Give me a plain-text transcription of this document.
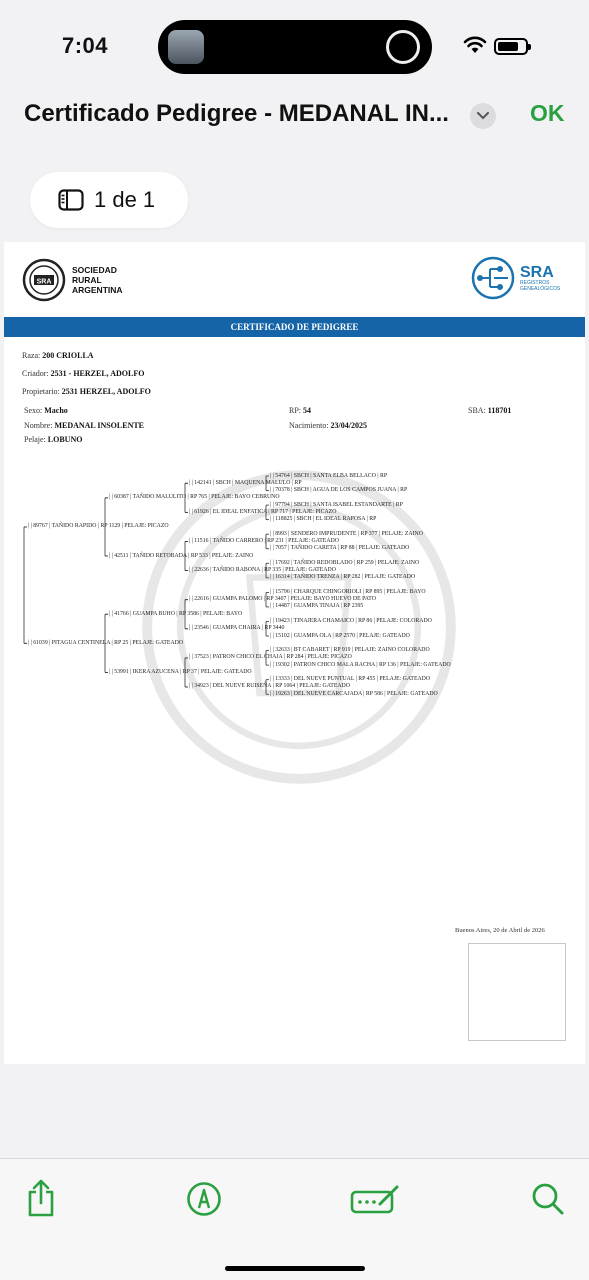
7:04
Certificado Pedigree - MEDANAL IN...	OK
1 de 1
SRA
SOCIEDAD
RURAL
ARGENTINA
SRA
REGISTROS
GENEALÓGICOS
CERTIFICADO DE PEDIGREE
Raza: 200 CRIOLLA
Criador: 2531 - HERZEL, ADOLFO
Propietario: 2531 HERZEL, ADOLFO
Sexo: Macho	RP: 54	SBA: 118701
Nombre: MEDANAL INSOLENTE	Nacimiento: 23/04/2025
Pelaje: LOBUNO
| | 89767 | TAÑIDO RAPIDO | RP 1129 | PELAJE: PICAZO
| | 61039 | PITAGUA CENTINELA | RP 25 | PELAJE: GATEADO
| | 60387 | TAÑIDO MALULITO | RP 765 | PELAJE: BAYO CEBRUNO
| | 42511 | TAÑIDO RETOBADA | RP 533 | PELAJE: ZAINO
| | 41766 | GUAMPA BUHO | RP 3586 | PELAJE: BAYO
| | 53991 | IKERA AZUCENA | RP 37 | PELAJE: GATEADO
| | 142141 | SBCH | MAQUENA MALULO | RP
| | 61926 | EL IDEAL ENFATICA | RP 717 | PELAJE: PICAZO
| | 11516 | TAÑIDO CARRERO | RP 231 | PELAJE: GATEADO
| | 22636 | TAÑIDO RABONA | RP 335 | PELAJE: GATEADO
| | 22616 | GUAMPA PALOMO | RP 3407 | PELAJE: BAYO HUEVO DE PATO
| | 23546 | GUAMPA CHAIRA | RP 3440
| | 37523 | PATRON CHICO EL CHAJA | RP 284 | PELAJE: PICAZO
| | 34923 | DEL NUEVE RUISEÑA | RP 1064 | PELAJE: GATEADO
| | 54764 | SBCH | SANTA ELBA BELLACO | RP
| | 70378 | SBCH | AGUA DE LOS CAMPOS JUANA | RP
| | 97794 | SBCH | SANTA ISABEL ESTANDARTE | RP
| | 118825 | SBCH | EL IDEAL RAPOSA | RP
| | 8993 | SENDERO IMPRUDENTE | RP 377 | PELAJE: ZAINO
| | 7057 | TAÑIDO CARETA | RP 88 | PELAJE: GATEADO
| | 17692 | TAÑIDO REDOBLADO | RP 259 | PELAJE: ZAINO
| | 16314 | TAÑIDO TRENZA | RP 282 | PELAJE: GATEADO
| | 15796 | CHARQUE CHINGORIOLI | RP 895 | PELAJE: BAYO
| | 14487 | GUAMPA TINAJA | RP 2395
| | 19423 | TINAJERA CHAMAICO | RP 86 | PELAJE: COLORADO
| | 15102 | GUAMPA OLA | RP 2570 | PELAJE: GATEADO
| | 32633 | BT CABARET | RP 919 | PELAJE: ZAINO COLORADO
| | 19302 | PATRON CHICO MALA RACHA | RP 136 | PELAJE: GATEADO
| | 13333 | DEL NUEVE PUNTUAL | RP 455 | PELAJE: GATEADO
| | 19263 | DEL NUEVE CARCAJADA | RP 586 | PELAJE: GATEADO
Buenos Aires, 20 de Abril de 2026
